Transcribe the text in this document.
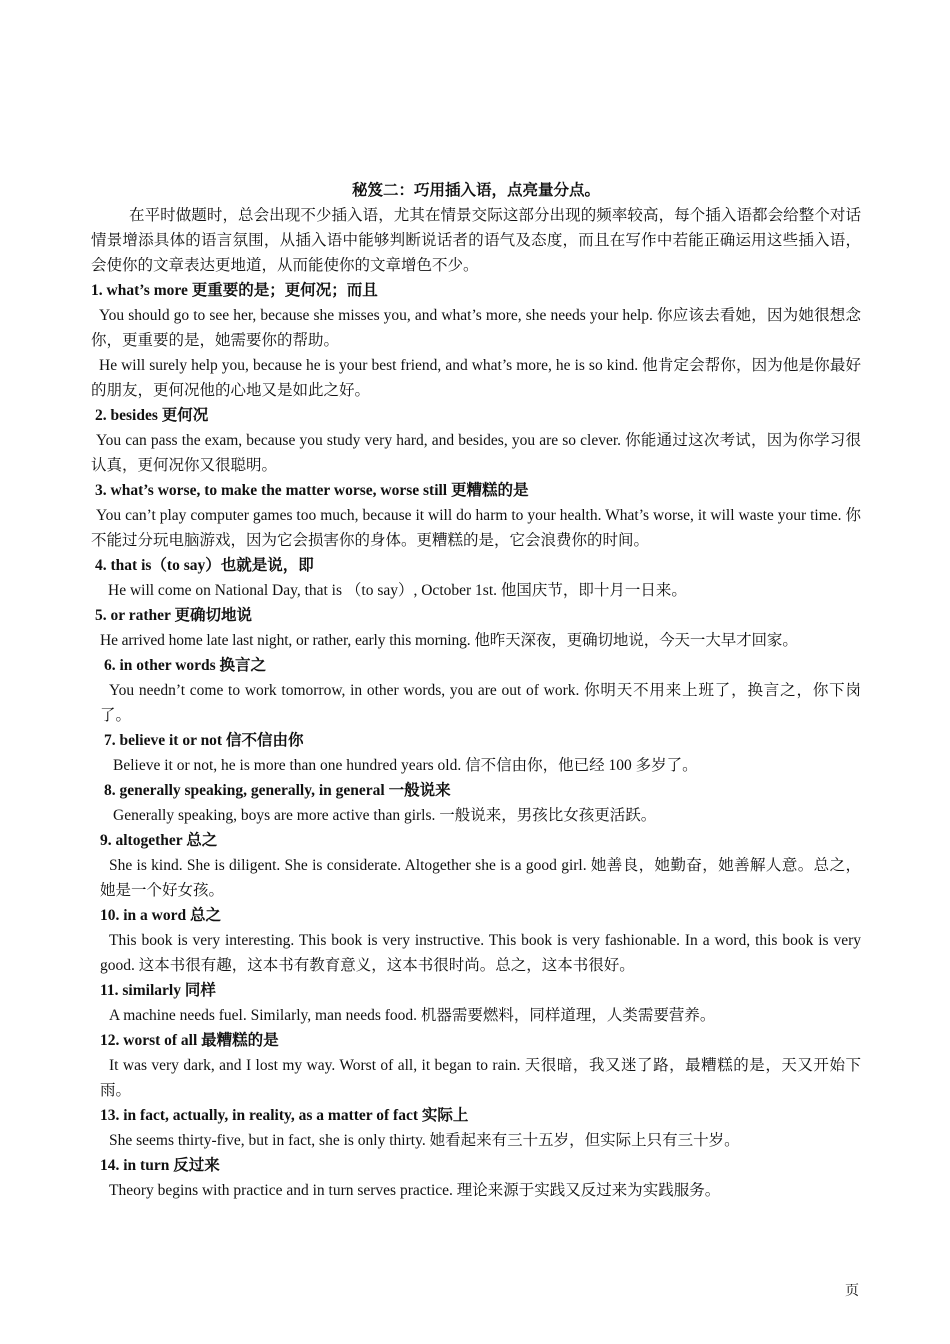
秘笈二：巧用插入语，点亮量分点。

在平时做题时，总会出现不少插入语，尤其在情景交际这部分出现的频率较高，每个插入语都会给整个对话情景增添具体的语言氛围，从插入语中能够判断说话者的语气及态度，而且在写作中若能正确运用这些插入语，会使你的文章表达更地道，从而能使你的文章增色不少。

1. what’s more 更重要的是；更何况；而且

You should go to see her, because she misses you, and what’s more, she needs your help. 你应该去看她，因为她很想念你，更重要的是，她需要你的帮助。

He will surely help you, because he is your best friend, and what’s more, he is so kind. 他肯定会帮你，因为他是你最好的朋友，更何况他的心地又是如此之好。

2. besides 更何况

You can pass the exam, because you study very hard, and besides, you are so clever. 你能通过这次考试，因为你学习很认真，更何况你又很聪明。

3. what’s worse, to make the matter worse, worse still 更糟糕的是

You can’t play computer games too much, because it will do harm to your health. What’s worse, it will waste your time. 你不能过分玩电脑游戏，因为它会损害你的身体。更糟糕的是，它会浪费你的时间。

4. that is（to say）也就是说，即

He will come on National Day, that is （to say）, October 1st. 他国庆节，即十月一日来。

5. or rather 更确切地说

He arrived home late last night, or rather, early this morning. 他昨天深夜，更确切地说，今天一大早才回家。

6. in other words 换言之

You needn’t come to work tomorrow, in other words, you are out of work. 你明天不用来上班了，换言之，你下岗了。

7. believe it or not 信不信由你

Believe it or not, he is more than one hundred years old. 信不信由你，他已经 100 多岁了。

8. generally speaking, generally, in general 一般说来

Generally speaking, boys are more active than girls. 一般说来，男孩比女孩更活跃。

9. altogether 总之

She is kind. She is diligent. She is considerate. Altogether she is a good girl. 她善良，她勤奋，她善解人意。总之，她是一个好女孩。

10. in a word 总之

This book is very interesting. This book is very instructive. This book is very fashionable. In a word, this book is very good. 这本书很有趣，这本书有教育意义，这本书很时尚。总之，这本书很好。

11. similarly 同样

A machine needs fuel. Similarly, man needs food. 机器需要燃料，同样道理，人类需要营养。

12. worst of all 最糟糕的是

It was very dark, and I lost my way. Worst of all, it began to rain. 天很暗，我又迷了路，最糟糕的是，天又开始下雨。

13. in fact, actually, in reality, as a matter of fact 实际上

She seems thirty-five, but in fact, she is only thirty. 她看起来有三十五岁，但实际上只有三十岁。

14. in turn 反过来

Theory begins with practice and in turn serves practice. 理论来源于实践又反过来为实践服务。

页
